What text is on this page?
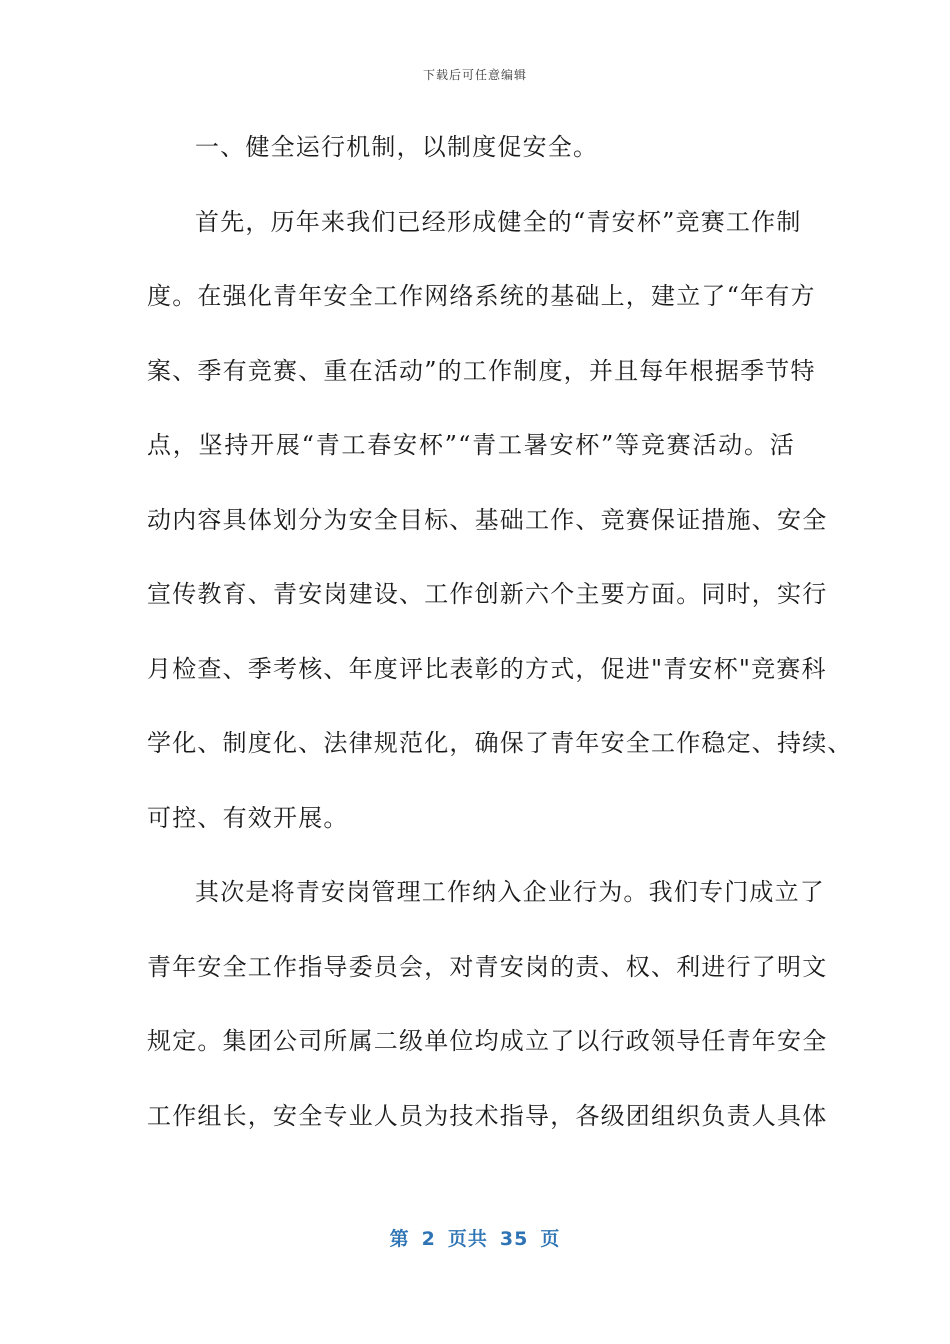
下载后可任意编辑
一、健全运行机制，以制度促安全。
首先，历年来我们已经形成健全的“青安杯”竞赛工作制
度。在强化青年安全工作网络系统的基础上，建立了“年有方
案、季有竞赛、重在活动”的工作制度，并且每年根据季节特
点，坚持开展“青工春安杯”“青工暑安杯”等竞赛活动。活
动内容具体划分为安全目标、基础工作、竞赛保证措施、安全
宣传教育、青安岗建设、工作创新六个主要方面。同时，实行
月检查、季考核、年度评比表彰的方式，促进"青安杯"竞赛科
学化、制度化、法律规范化，确保了青年安全工作稳定、持续、
可控、有效开展。
其次是将青安岗管理工作纳入企业行为。我们专门成立了
青年安全工作指导委员会，对青安岗的责、权、利进行了明文
规定。集团公司所属二级单位均成立了以行政领导任青年安全
工作组长，安全专业人员为技术指导，各级团组织负责人具体
第 2 页共 35 页
